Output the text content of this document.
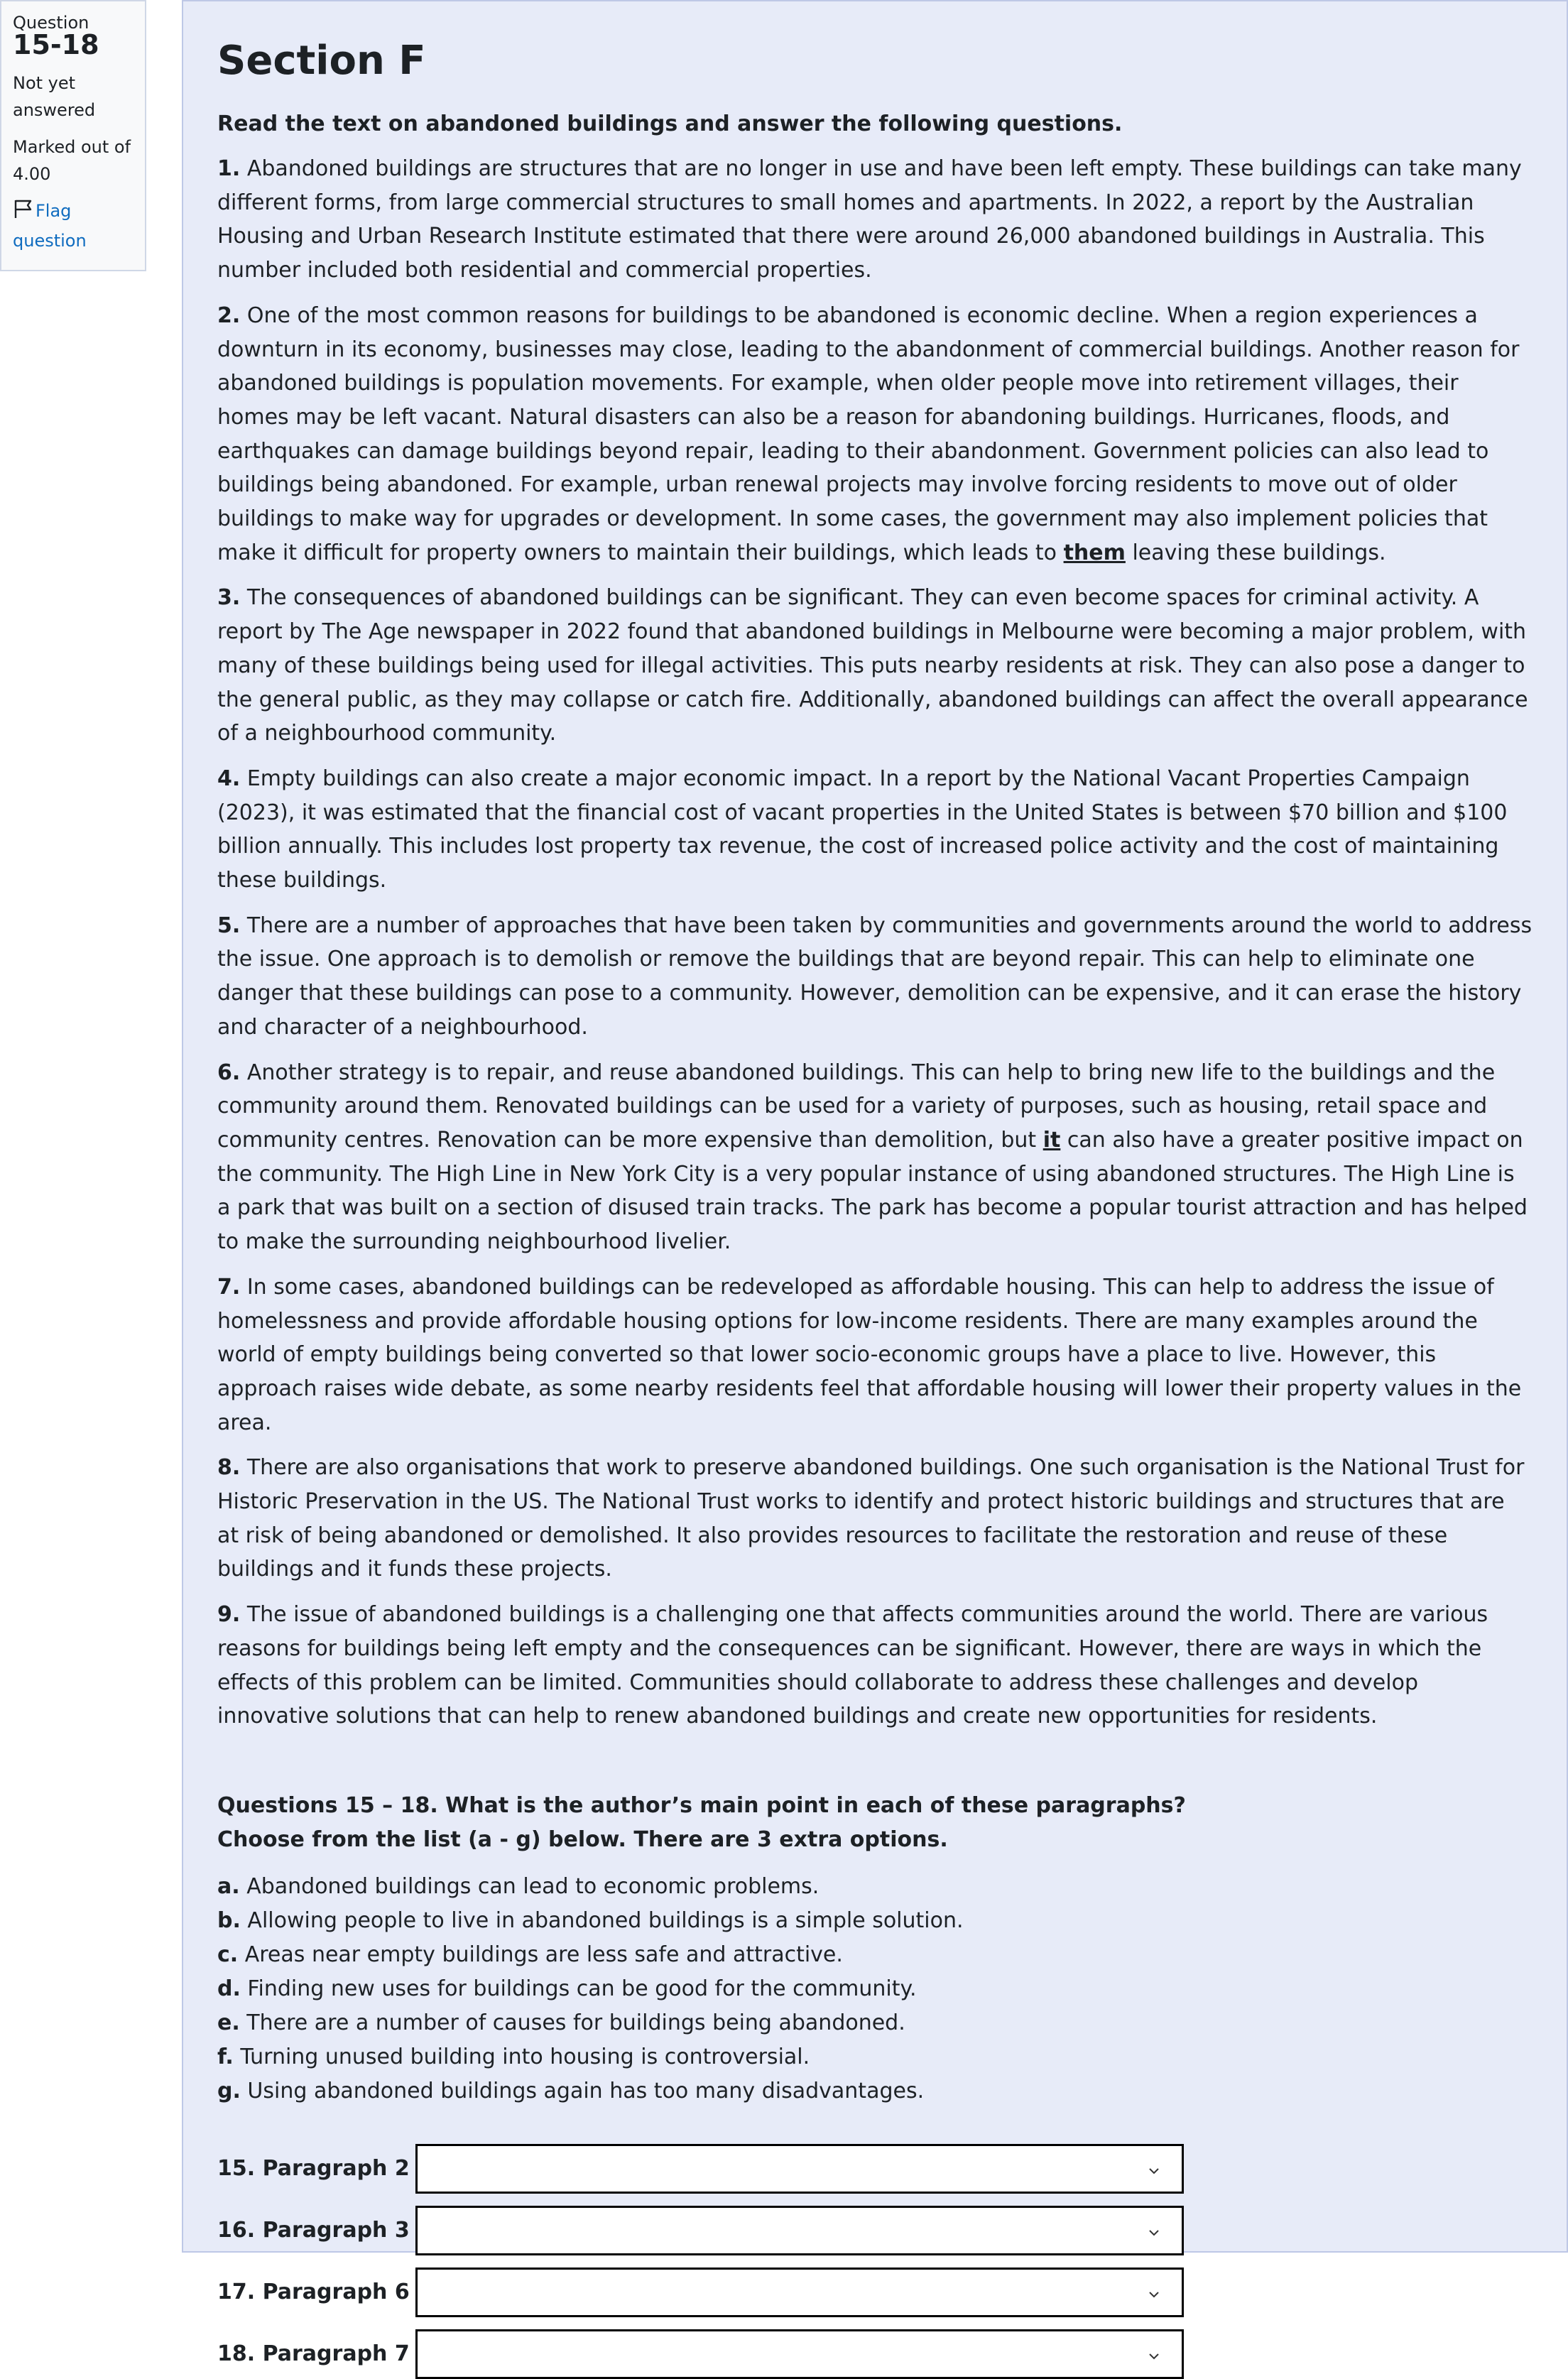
Question 15-18
Not yet answered
Marked out of 4.00
Flag question
Section F

Read the text on abandoned buildings and answer the following questions.

1. Abandoned buildings are structures that are no longer in use and have been left empty. These buildings can take many different forms, from large commercial structures to small homes and apartments. In 2022, a report by the Australian Housing and Urban Research Institute estimated that there were around 26,000 abandoned buildings in Australia. This number included both residential and commercial properties.

2. One of the most common reasons for buildings to be abandoned is economic decline. When a region experiences a downturn in its economy, businesses may close, leading to the abandonment of commercial buildings. Another reason for abandoned buildings is population movements. For example, when older people move into retirement villages, their homes may be left vacant. Natural disasters can also be a reason for abandoning buildings. Hurricanes, floods, and earthquakes can damage buildings beyond repair, leading to their abandonment. Government policies can also lead to buildings being abandoned. For example, urban renewal projects may involve forcing residents to move out of older buildings to make way for upgrades or development. In some cases, the government may also implement policies that make it difficult for property owners to maintain their buildings, which leads to them leaving these buildings.

3. The consequences of abandoned buildings can be significant. They can even become spaces for criminal activity. A report by The Age newspaper in 2022 found that abandoned buildings in Melbourne were becoming a major problem, with many of these buildings being used for illegal activities. This puts nearby residents at risk. They can also pose a danger to the general public, as they may collapse or catch fire. Additionally, abandoned buildings can affect the overall appearance of a neighbourhood community.

4. Empty buildings can also create a major economic impact. In a report by the National Vacant Properties Campaign (2023), it was estimated that the financial cost of vacant properties in the United States is between $70 billion and $100 billion annually. This includes lost property tax revenue, the cost of increased police activity and the cost of maintaining these buildings.

5. There are a number of approaches that have been taken by communities and governments around the world to address the issue. One approach is to demolish or remove the buildings that are beyond repair. This can help to eliminate one danger that these buildings can pose to a community. However, demolition can be expensive, and it can erase the history and character of a neighbourhood.

6. Another strategy is to repair, and reuse abandoned buildings. This can help to bring new life to the buildings and the community around them. Renovated buildings can be used for a variety of purposes, such as housing, retail space and community centres. Renovation can be more expensive than demolition, but it can also have a greater positive impact on the community. The High Line in New York City is a very popular instance of using abandoned structures. The High Line is a park that was built on a section of disused train tracks. The park has become a popular tourist attraction and has helped to make the surrounding neighbourhood livelier.

7. In some cases, abandoned buildings can be redeveloped as affordable housing. This can help to address the issue of homelessness and provide affordable housing options for low-income residents. There are many examples around the world of empty buildings being converted so that lower socio-economic groups have a place to live. However, this approach raises wide debate, as some nearby residents feel that affordable housing will lower their property values in the area.

8. There are also organisations that work to preserve abandoned buildings. One such organisation is the National Trust for Historic Preservation in the US. The National Trust works to identify and protect historic buildings and structures that are at risk of being abandoned or demolished. It also provides resources to facilitate the restoration and reuse of these buildings and it funds these projects.

9. The issue of abandoned buildings is a challenging one that affects communities around the world. There are various reasons for buildings being left empty and the consequences can be significant. However, there are ways in which the effects of this problem can be limited. Communities should collaborate to address these challenges and develop innovative solutions that can help to renew abandoned buildings and create new opportunities for residents.

Questions 15 – 18. What is the author’s main point in each of these paragraphs?
Choose from the list (a - g) below. There are 3 extra options.
a. Abandoned buildings can lead to economic problems.
b. Allowing people to live in abandoned buildings is a simple solution.
c. Areas near empty buildings are less safe and attractive.
d. Finding new uses for buildings can be good for the community.
e. There are a number of causes for buildings being abandoned.
f. Turning unused building into housing is controversial.
g. Using abandoned buildings again has too many disadvantages.
15. Paragraph 2
16. Paragraph 3
17. Paragraph 6
18. Paragraph 7
